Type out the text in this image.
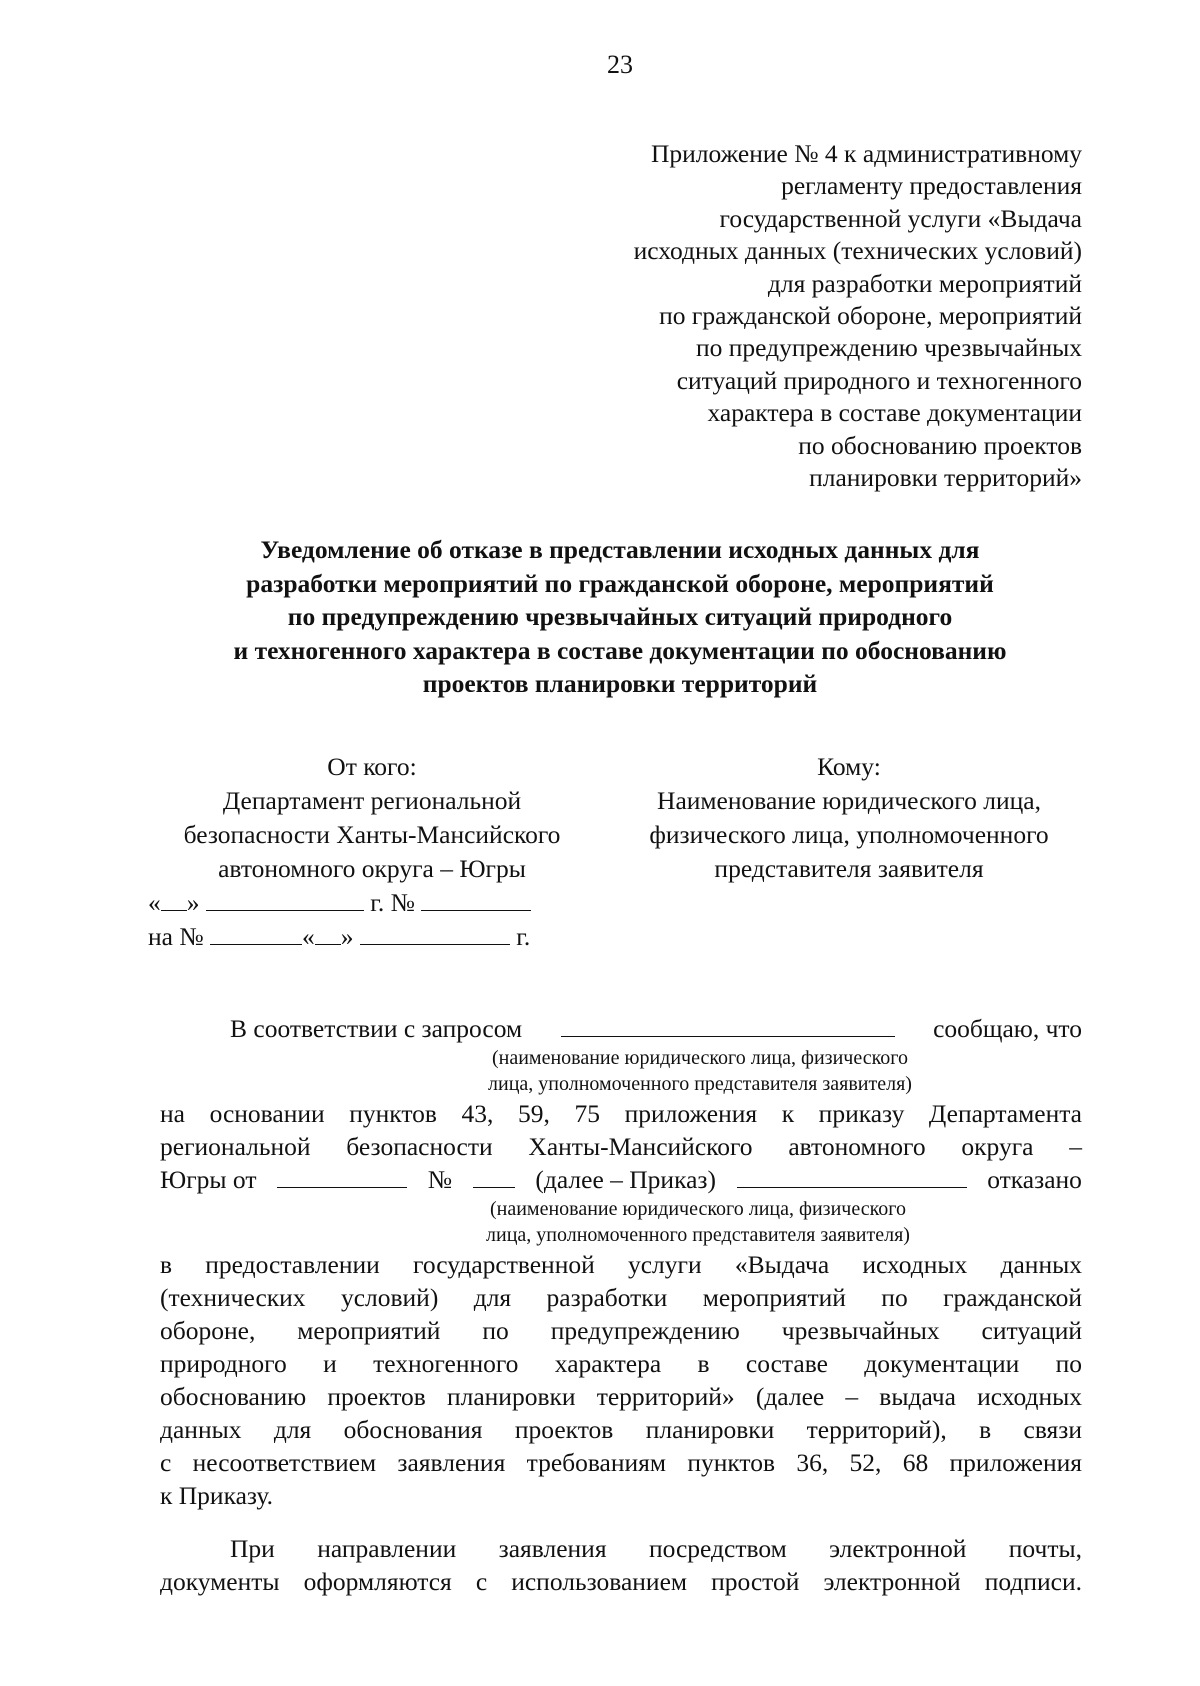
23
Приложение № 4 к административному
регламенту предоставления
государственной услуги «Выдача
исходных данных (технических условий)
для разработки мероприятий
по гражданской обороне, мероприятий
по предупреждению чрезвычайных
ситуаций природного и техногенного
характера в составе документации
по обоснованию проектов
планировки территорий»
Уведомление об отказе в представлении исходных данных для
разработки мероприятий по гражданской обороне, мероприятий
по предупреждению чрезвычайных ситуаций природного
и техногенного характера в составе документации по обоснованию
проектов планировки территорий
От кого:
Департамент региональной
безопасности Ханты-Мансийского
автономного округа – Югры
« »	г. №
на №	« »	г.
Кому:
Наименование юридического лица,
физического лица, уполномоченного
представителя заявителя
В соответствии с запросом	сообщаю, что
(наименование юридического лица, физического
лица, уполномоченного представителя заявителя)
на основании пунктов 43, 59, 75 приложения к приказу Департамента
региональной безопасности Ханты-Мансийского автономного округа –
Югры от	№	(далее – Приказ)	отказано
(наименование юридического лица, физического
лица, уполномоченного представителя заявителя)
в предоставлении государственной услуги «Выдача исходных данных
(технических условий) для разработки мероприятий по гражданской
обороне, мероприятий по предупреждению чрезвычайных ситуаций
природного и техногенного характера в составе документации по
обоснованию проектов планировки территорий» (далее – выдача исходных
данных для обоснования проектов планировки территорий), в связи
с несоответствием заявления требованиям пунктов 36, 52, 68 приложения
к Приказу.
При направлении заявления посредством электронной почты,
документы оформляются с использованием простой электронной подписи.
